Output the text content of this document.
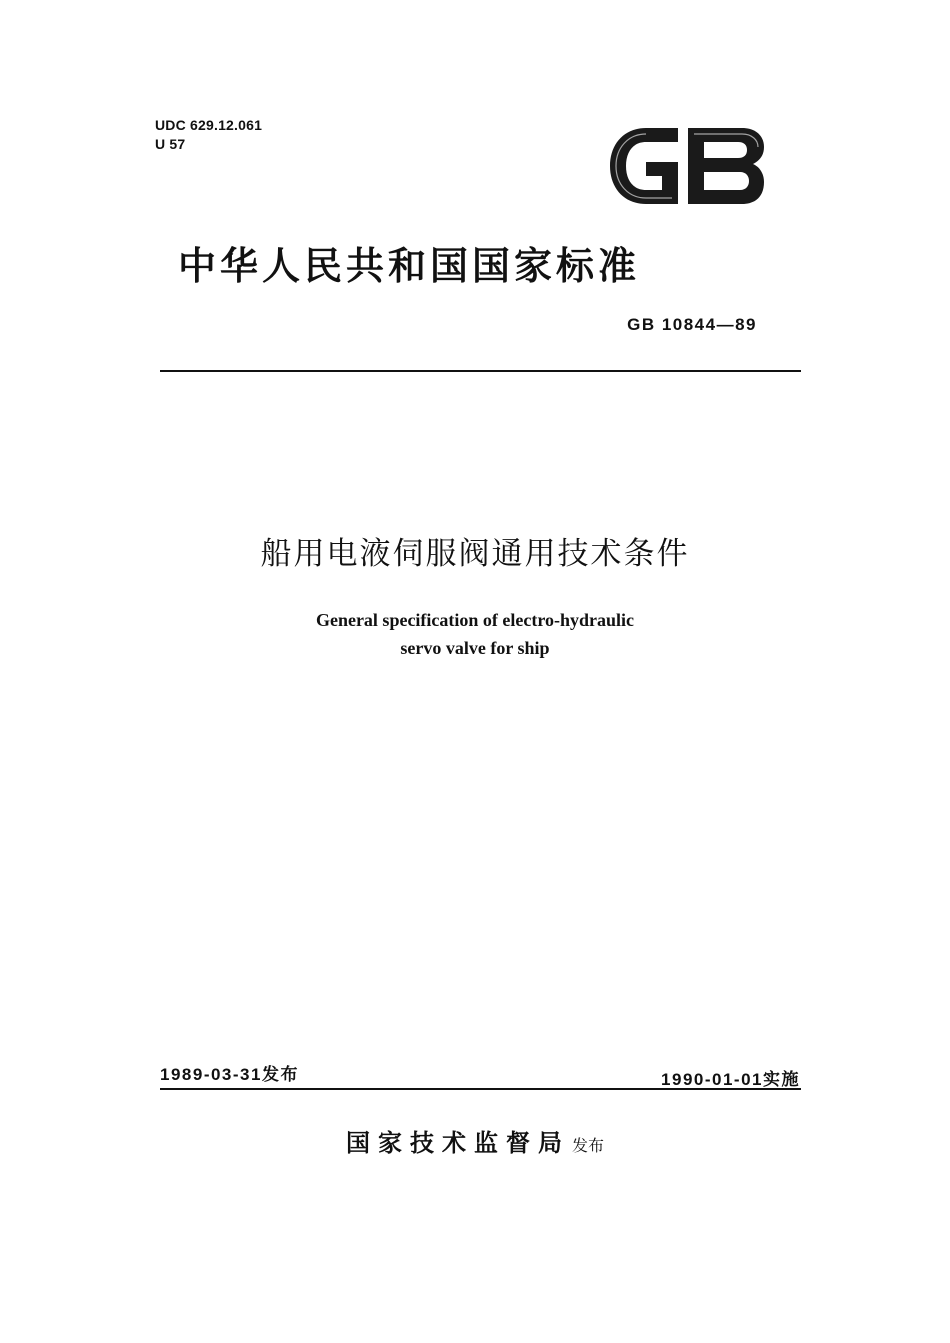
UDC 629.12.061
U 57
中华人民共和国国家标准
GB 10844—89
船用电液伺服阀通用技术条件
General specification of electro-hydraulic
servo valve for ship
1989-03-31发布	1990-01-01实施
国家技术监督局 发布
